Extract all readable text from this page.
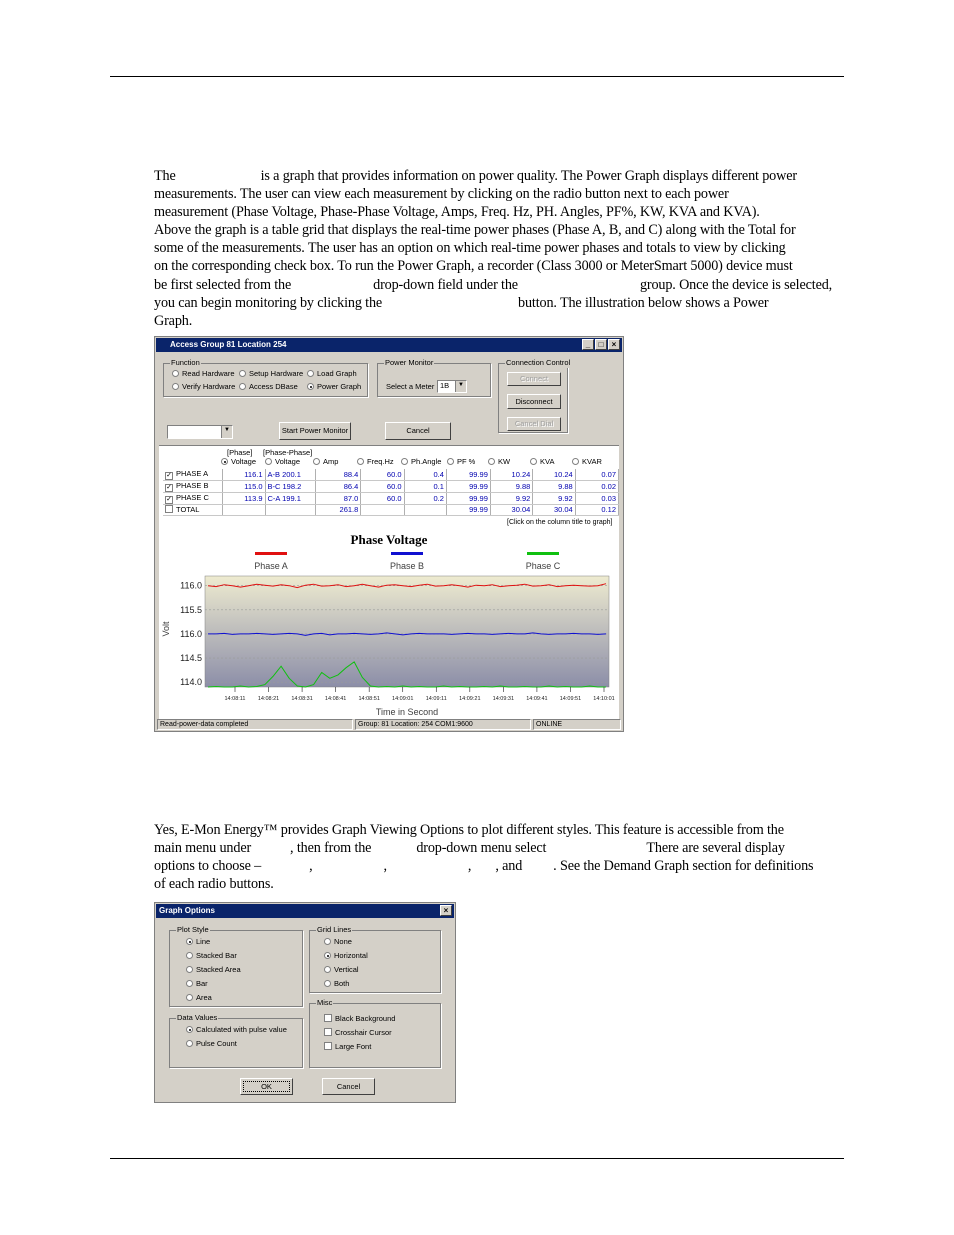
The	is a graph that provides information on power quality. The Power Graph displays different power
measurements. The user can view each measurement by clicking on the radio button next to each power
measurement (Phase Voltage, Phase-Phase Voltage, Amps, Freq. Hz, PH. Angles, PF%, KW, KVA and KVA).
Above the graph is a table grid that displays the real-time power phases (Phase A, B, and C) along with the Total for
some of the measurements. The user has an option on which real-time power phases and totals to view by clicking
on the corresponding check box. To run the Power Graph, a recorder (Class 3000 or MeterSmart 5000) device must
be first selected from the	drop-down field under the	group. Once the device is selected,
you can begin monitoring by clicking the	button. The illustration below shows a Power
Graph.
Access Group 81 Location 254	_	□	×
Function
Read Hardware	Setup Hardware	Load Graph
Verify Hardware	Access DBase	Power Graph
Power Monitor
Select a Meter 1B	▼
Connection Control
Connect
Disconnect
Cancel Dial
▼	Start Power Monitor	Cancel
[Phase] [Phase-Phase]
Voltage	Voltage	Amp	Freq.Hz	Ph.Angle	PF %	KW	KVA	KVAR
✓ PHASE A	116.1	A-B 200.1	88.4	60.0	0.4	99.99	10.24	10.24	0.07
✓ PHASE B	115.0	B-C 198.2	86.4	60.0	0.1	99.99	9.88	9.88	0.02
✓ PHASE C	113.9	C-A 199.1	87.0	60.0	0.2	99.99	9.92	9.92	0.03
TOTAL			261.8			99.99	30.04	30.04	0.12
[Click on the column title to graph]
Phase Voltage
Phase A	Phase B	Phase C
116.0
115.5
116.0
114.5
114.0
14:08:11 14:08:21 14:08:31 14:08:41 14:08:51 14:09:01 14:09:11 14:09:21 14:09:31 14:09:41 14:09:51 14:10:01
Volt
Time in Second
Read-power-data completed	Group: 81 Location: 254 COM1:9600	ONLINE
Yes, E-Mon Energy™ provides Graph Viewing Options to plot different styles. This feature is accessible from the
main menu under	, then from the	drop-down menu select	There are several display
options to choose –	,	,	, , and . See the Demand Graph section for definitions
of each radio buttons.
Graph Options	×
Plot Style
Line
Stacked Bar
Stacked Area
Bar
Area
Data Values
Calculated with pulse value
Pulse Count
Grid Lines
None
Horizontal
Vertical
Both
Misc
Black Background
Crosshair Cursor
Large Font
OK	Cancel
